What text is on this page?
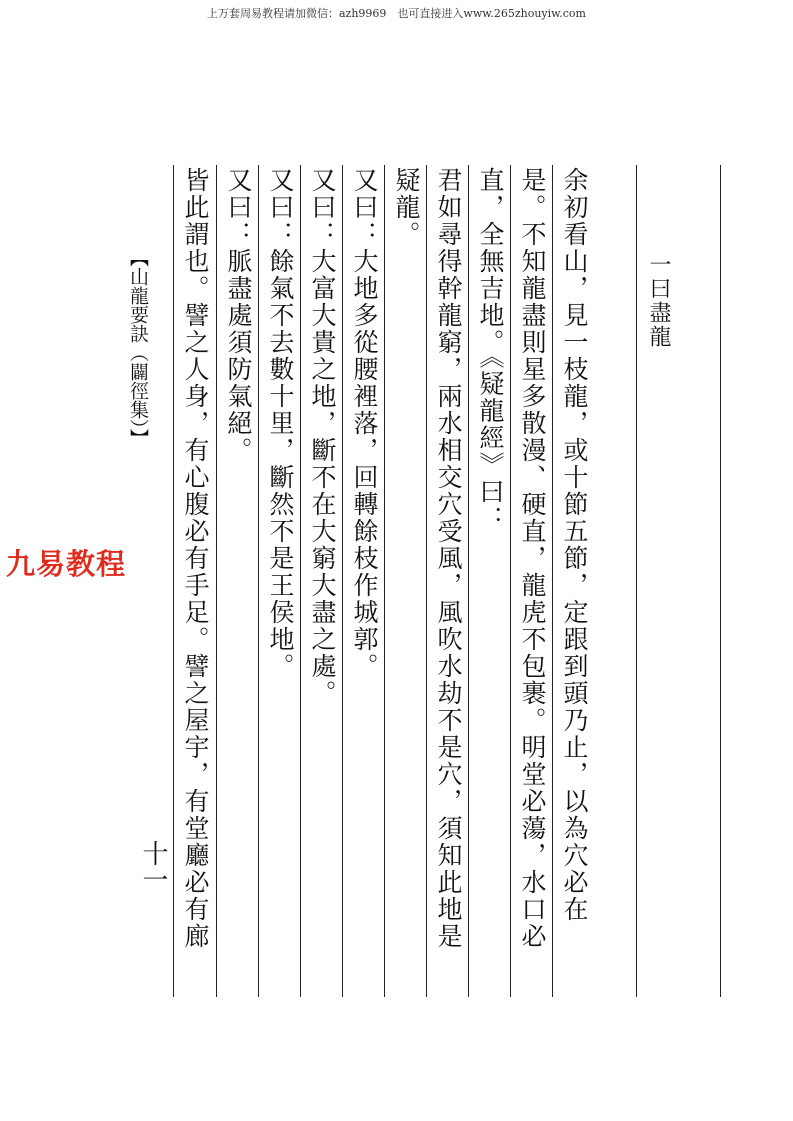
上万套周易教程请加微信：azh9969　也可直接进入www.265zhouyiw.com
九易教程
【山龍要訣（闢徑集）】
十一
一曰盡龍
余初看山，見一枝龍，或十節五節，定跟到頭乃止，以為穴必在
是。不知龍盡則星多散漫、硬直，龍虎不包裹。明堂必蕩，水口必
直，全無吉地。《疑龍經》曰：
君如尋得幹龍窮，兩水相交穴受風，風吹水劫不是穴，須知此地是
疑龍。
又曰：大地多從腰裡落，回轉餘枝作城郭。
又曰：大富大貴之地，斷不在大窮大盡之處。
又曰：餘氣不去數十里，斷然不是王侯地。
又曰：脈盡處須防氣絕。
皆此謂也。譬之人身，有心腹必有手足。譬之屋宇，有堂廳必有廊
